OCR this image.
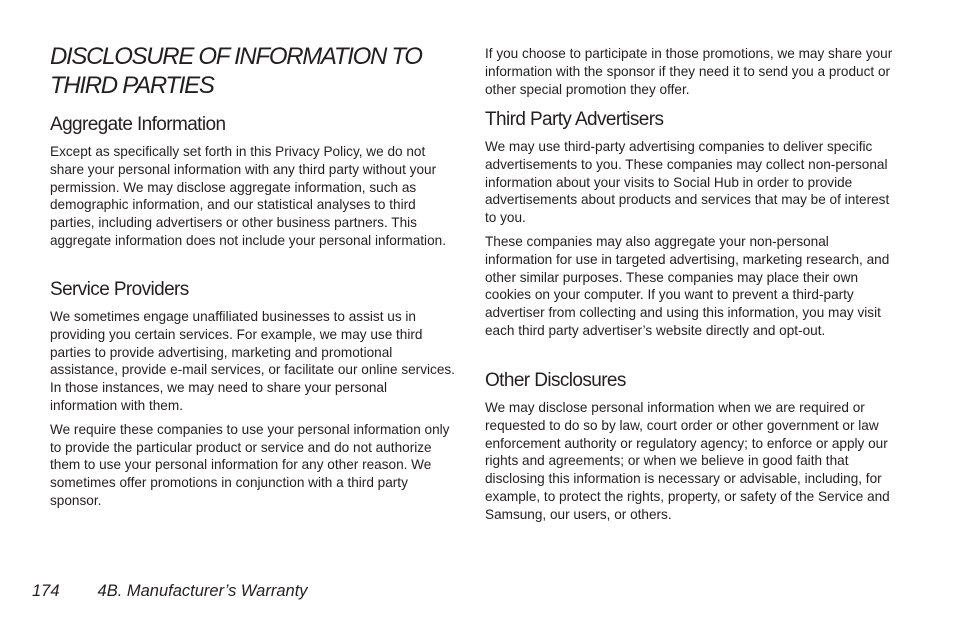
DISCLOSURE OF INFORMATION TO
THIRD PARTIES
Aggregate Information

Except as specifically set forth in this Privacy Policy, we do not share your personal information with any third party without your permission. We may disclose aggregate information, such as demographic information, and our statistical analyses to third parties, including advertisers or other business partners. This aggregate information does not include your personal information.

Service Providers

We sometimes engage unaffiliated businesses to assist us in providing you certain services. For example, we may use third parties to provide advertising, marketing and promotional assistance, provide e-mail services, or facilitate our online services. In those instances, we may need to share your personal information with them.

We require these companies to use your personal information only to provide the particular product or service and do not authorize them to use your personal information for any other reason. We sometimes offer promotions in conjunction with a third party sponsor.

If you choose to participate in those promotions, we may share your information with the sponsor if they need it to send you a product or other special promotion they offer.

Third Party Advertisers

We may use third-party advertising companies to deliver specific advertisements to you. These companies may collect non-personal information about your visits to Social Hub in order to provide advertisements about products and services that may be of interest to you.

These companies may also aggregate your non-personal information for use in targeted advertising, marketing research, and other similar purposes. These companies may place their own cookies on your computer. If you want to prevent a third-party advertiser from collecting and using this information, you may visit each third party advertiser’s website directly and opt-out.

Other Disclosures

We may disclose personal information when we are required or requested to do so by law, court order or other government or law enforcement authority or regulatory agency; to enforce or apply our rights and agreements; or when we believe in good faith that disclosing this information is necessary or advisable, including, for example, to protect the rights, property, or safety of the Service and Samsung, our users, or others.

174 4B. Manufacturer’s Warranty
